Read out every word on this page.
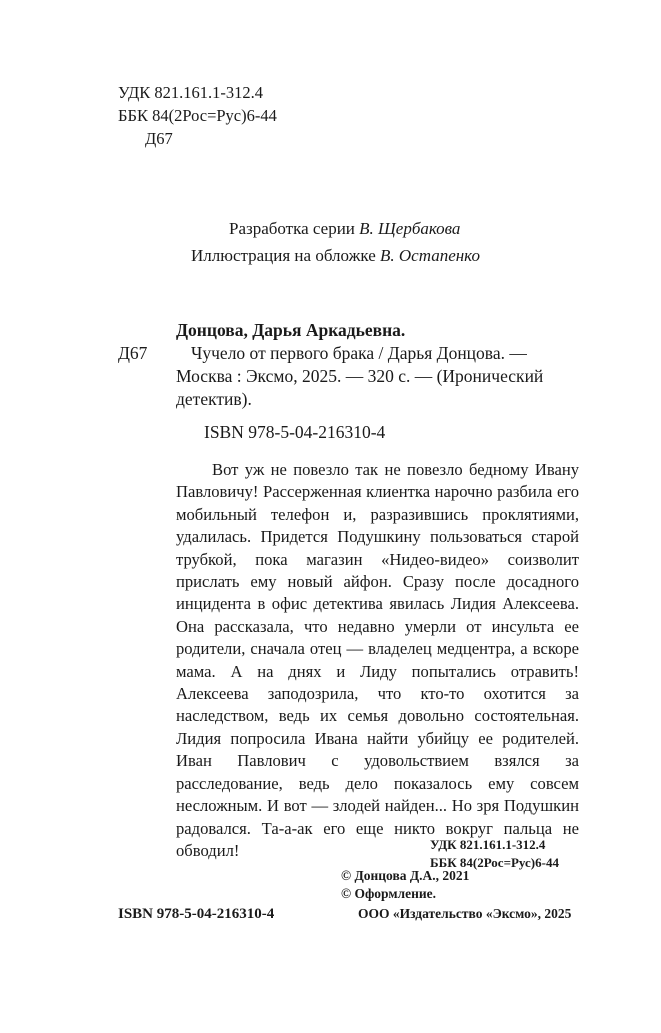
УДК 821.161.1-312.4
ББК 84(2Рос=Рус)6-44
Д67
Разработка серии В. Щербакова
Иллюстрация на обложке В. Остапенко
Донцова, Дарья Аркадьевна.
Д67 Чучело от первого брака / Дарья Донцова. —
Москва : Эксмо, 2025. — 320 с. — (Иронический
детектив).
ISBN 978-5-04-216310-4

Вот уж не повезло так не повезло бедному Ивану Павловичу! Рассерженная клиентка нарочно разбила его мобильный телефон и, разразившись проклятиями, удалилась. Придется Подушкину пользоваться старой трубкой, пока магазин «Нидео-видео» соизволит прислать ему новый айфон. Сразу после досадного инцидента в офис детектива явилась Лидия Алексеева. Она рассказала, что недавно умерли от инсульта ее родители, сначала отец — владелец медцентра, а вскоре мама. А на днях и Лиду попытались отравить! Алексеева заподозрила, что кто-то охотится за наследством, ведь их семья довольно состоятельная. Лидия попросила Ивана найти убийцу ее родителей. Иван Павлович с удовольствием взялся за расследование, ведь дело показалось ему совсем несложным. И вот — злодей найден... Но зря Подушкин радовался. Та-а-ак его еще никто вокруг пальца не обводил!	УДК 821.161.1-312.4
ББК 84(2Рос=Рус)6-44
© Донцова Д.А., 2021
© Оформление.
ISBN 978-5-04-216310-4	ООО «Издательство «Эксмо», 2025
